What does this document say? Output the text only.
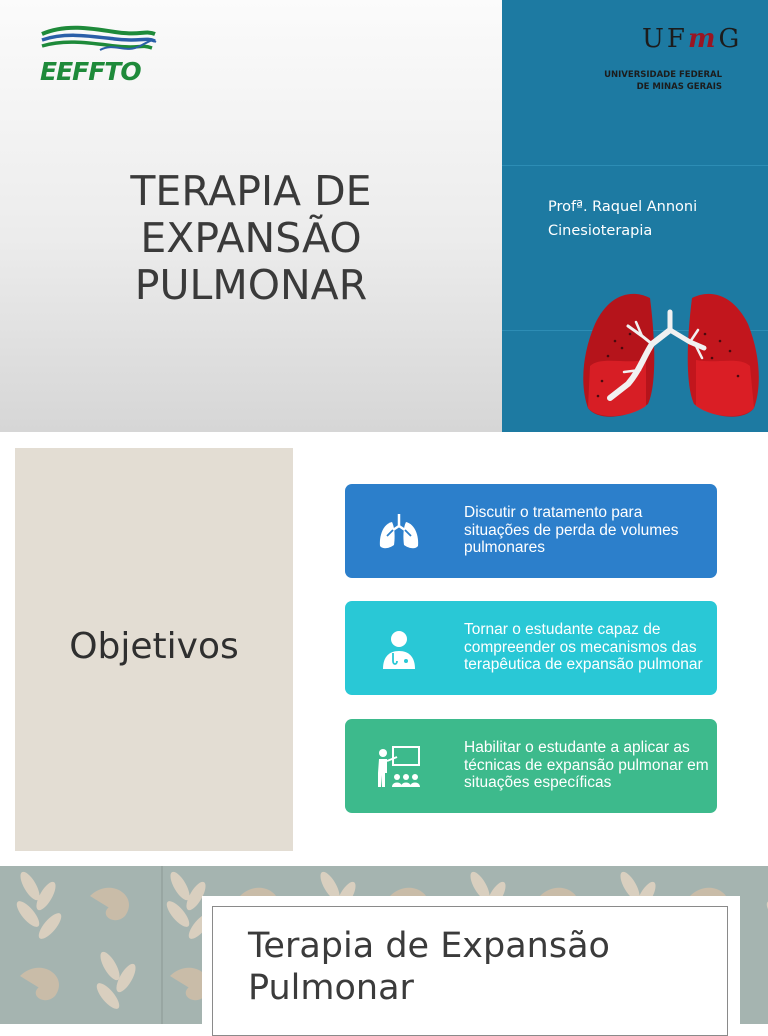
EEFFTO
TERAPIA DE
EXPANSÃO
PULMONAR
UFmG
UNIVERSIDADE FEDERAL
DE MINAS GERAIS
Profª. Raquel Annoni
Cinesioterapia
Objetivos
Discutir o tratamento para situações de perda de volumes pulmonares
Tornar o estudante capaz de compreender os mecanismos das terapêutica de expansão pulmonar
Habilitar o estudante a aplicar as técnicas de expansão pulmonar em situações específicas
Terapia de Expansão
Pulmonar
